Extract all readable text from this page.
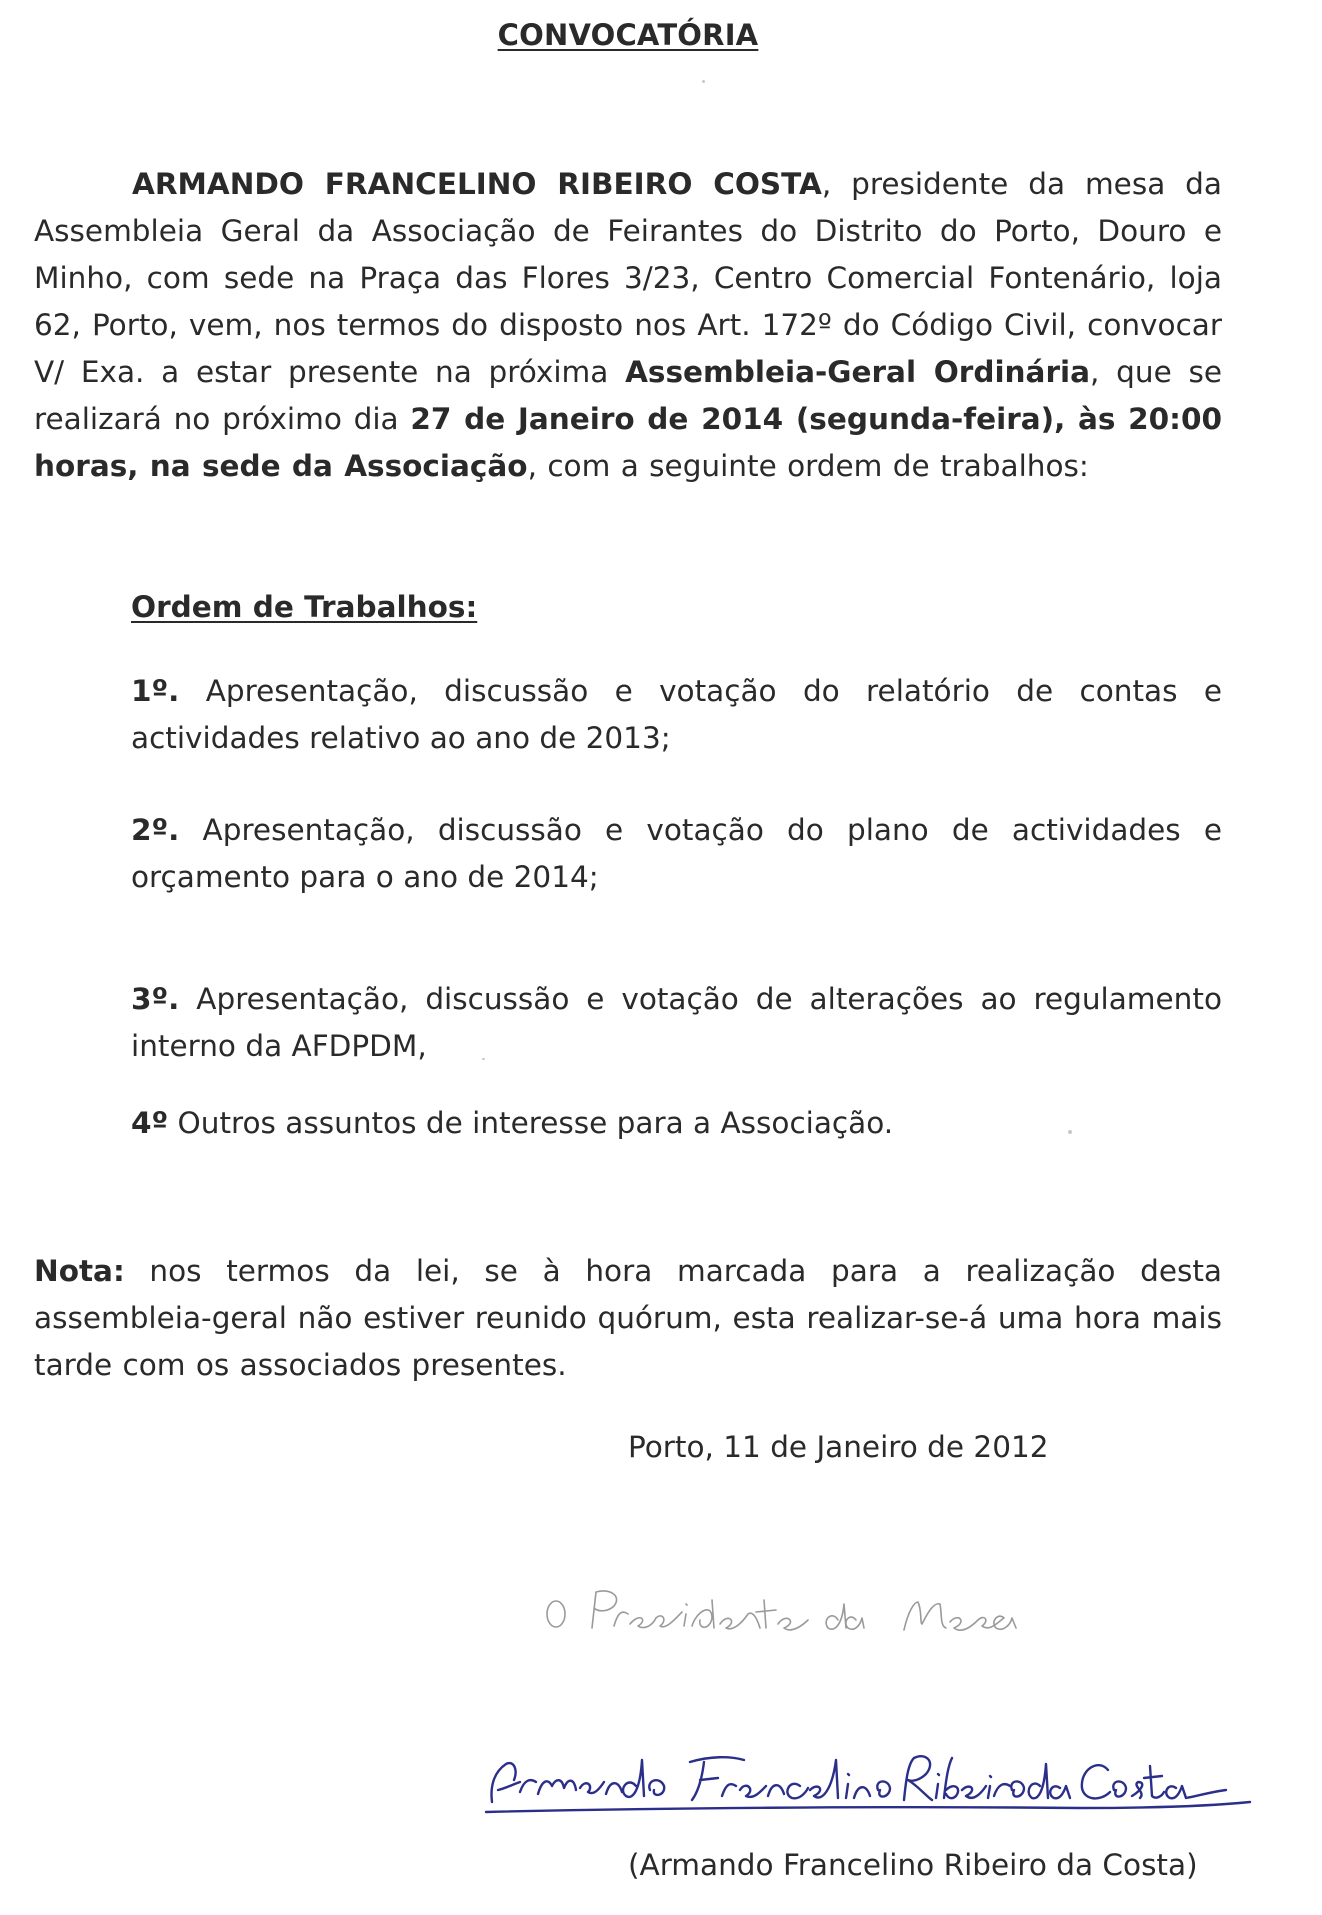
CONVOCATÓRIA
ARMANDO FRANCELINO RIBEIRO COSTA, presidente da mesa da Assembleia Geral da Associação de Feirantes do Distrito do Porto, Douro e Minho, com sede na Praça das Flores 3/23, Centro Comercial Fontenário, loja 62, Porto, vem, nos termos do disposto nos Art. 172º do Código Civil, convocar V/ Exa. a estar presente na próxima Assembleia-Geral Ordinária, que se realizará no próximo dia 27 de Janeiro de 2014 (segunda-feira), às 20:00 horas, na sede da Associação, com a seguinte ordem de trabalhos:
Ordem de Trabalhos:
1º. Apresentação, discussão e votação do relatório de contas e actividades relativo ao ano de 2013;
2º. Apresentação, discussão e votação do plano de actividades e orçamento para o ano de 2014;
3º. Apresentação, discussão e votação de alterações ao regulamento interno da AFDPDM,
4º Outros assuntos de interesse para a Associação.
Nota: nos termos da lei, se à hora marcada para a realização desta assembleia-geral não estiver reunido quórum, esta realizar-se-á uma hora mais tarde com os associados presentes.
Porto, 11 de Janeiro de 2012
(Armando Francelino Ribeiro da Costa)
